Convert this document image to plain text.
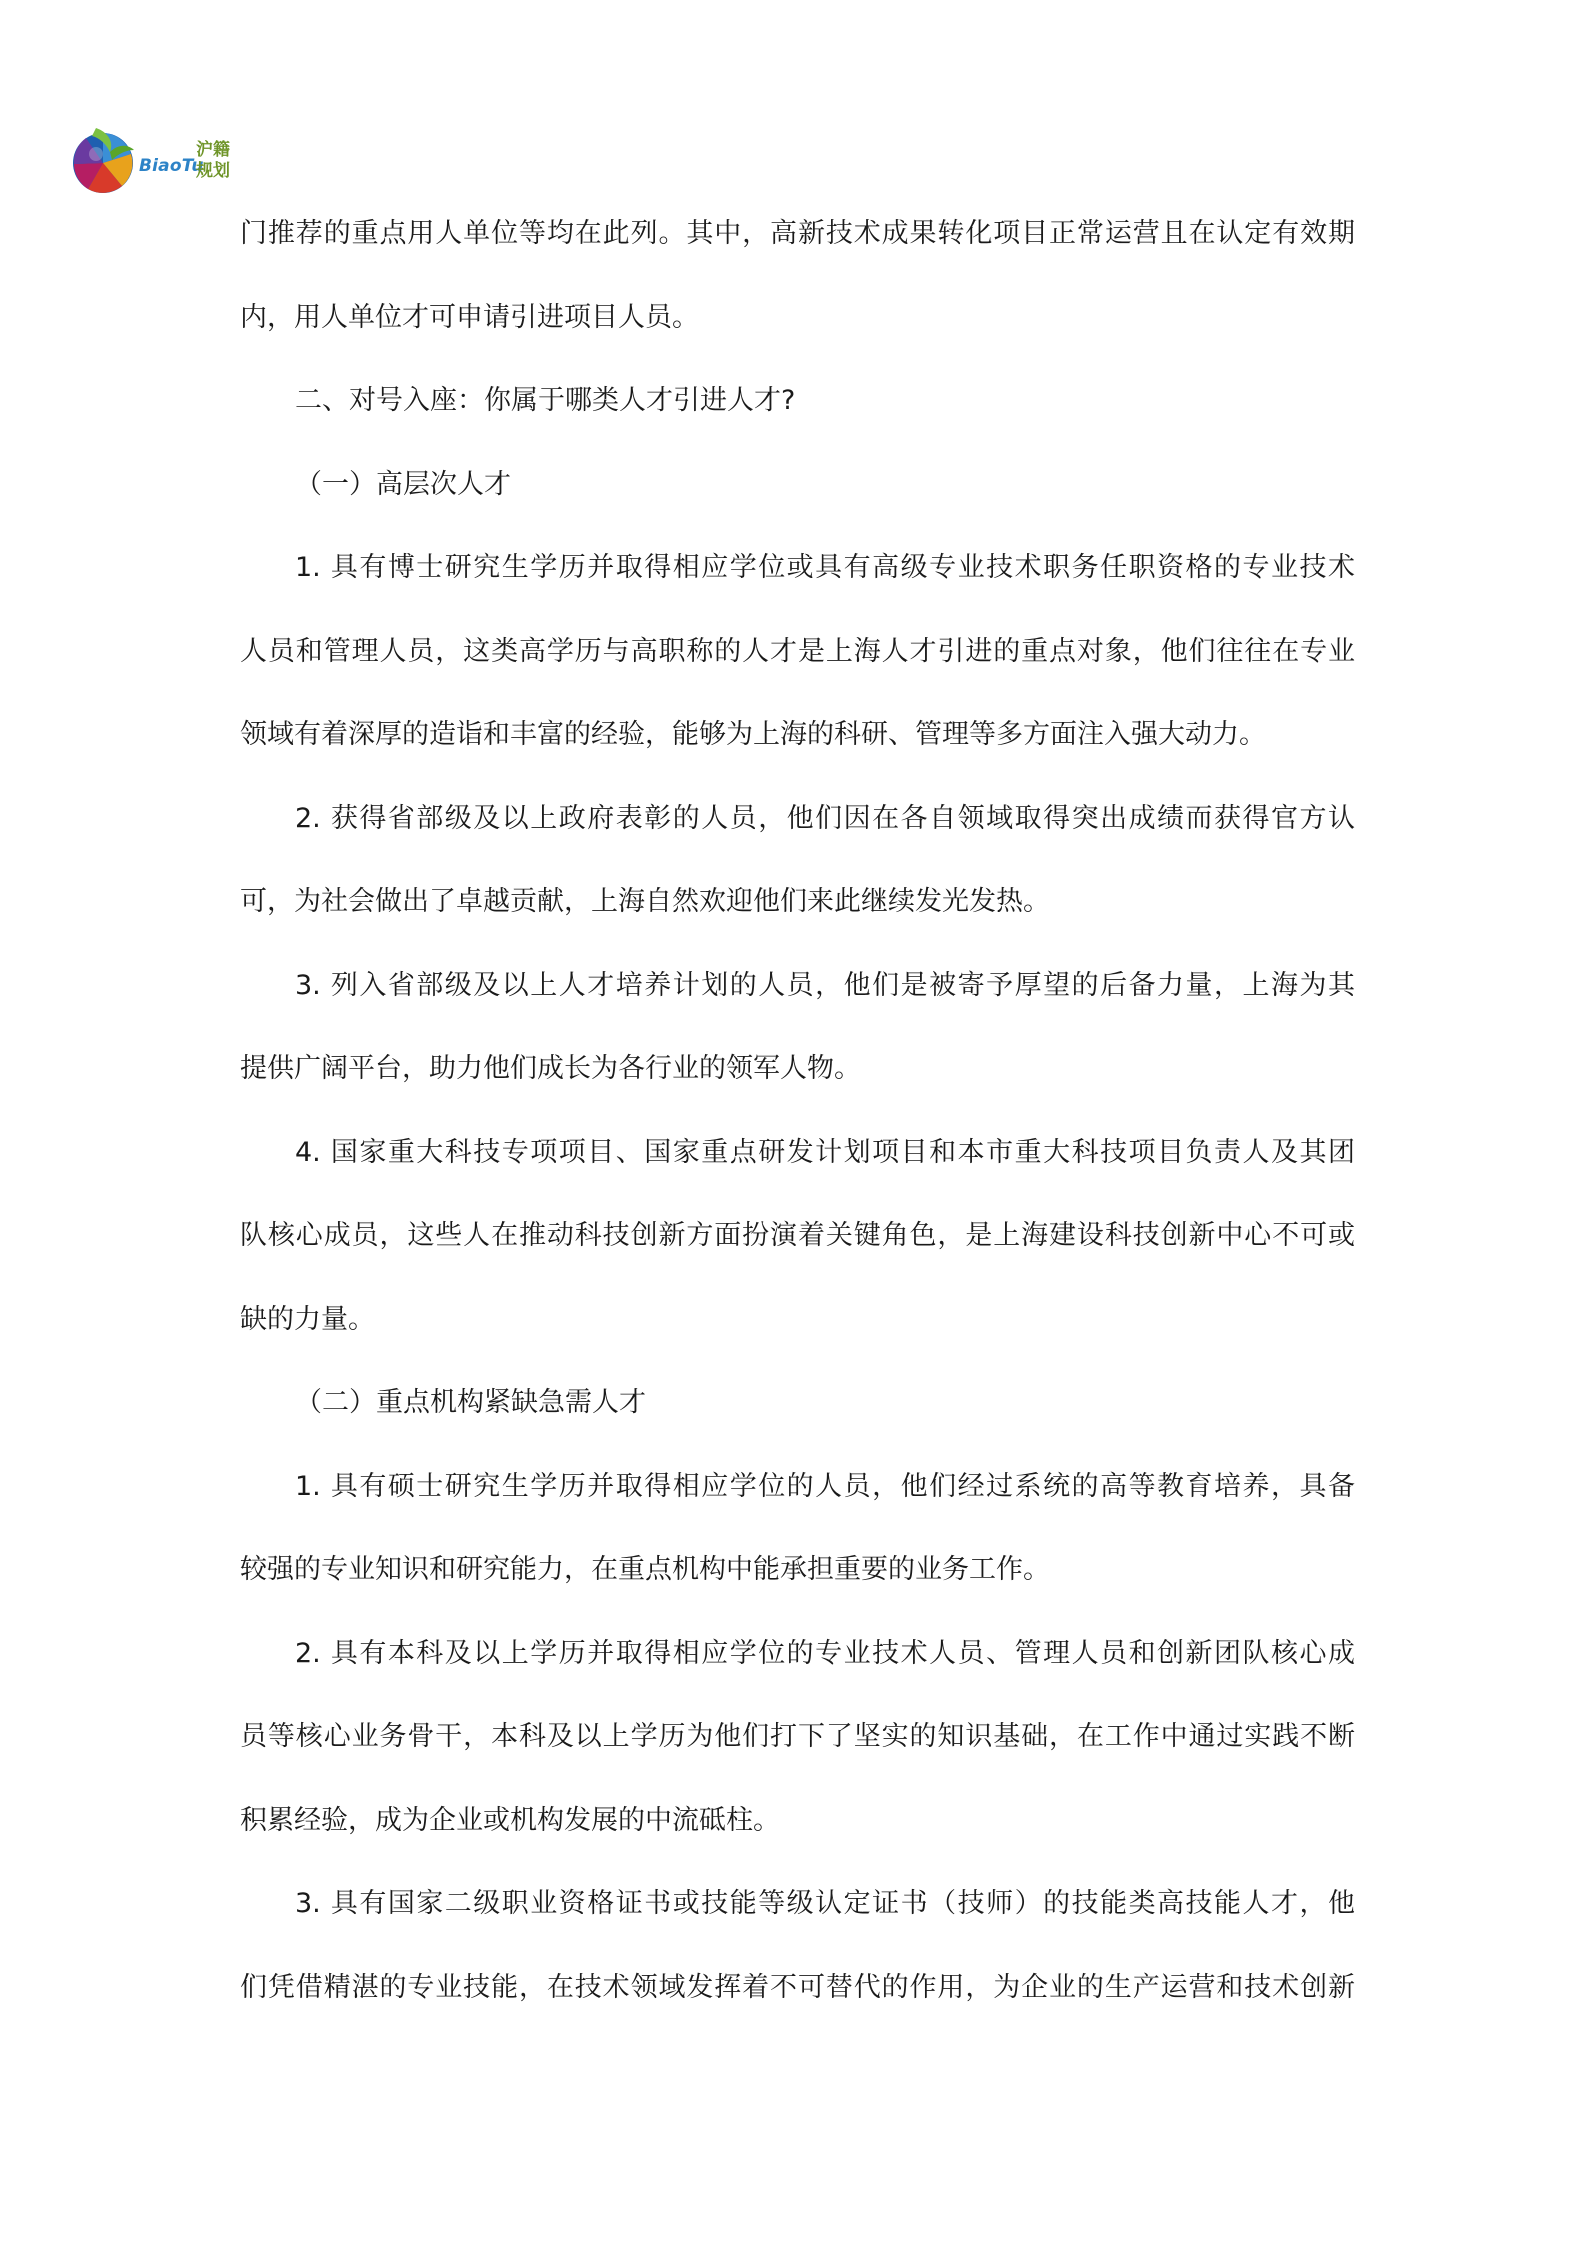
BiaoTu
沪籍
规划
门推荐的重点用人单位等均在此列。其中，高新技术成果转化项目正常运营且在认定有效期
内，用人单位才可申请引进项目人员。
二、对号入座：你属于哪类人才引进人才?
（一）高层次人才
1. 具有博士研究生学历并取得相应学位或具有高级专业技术职务任职资格的专业技术
人员和管理人员，这类高学历与高职称的人才是上海人才引进的重点对象，他们往往在专业
领域有着深厚的造诣和丰富的经验，能够为上海的科研、管理等多方面注入强大动力。
2. 获得省部级及以上政府表彰的人员，他们因在各自领域取得突出成绩而获得官方认
可，为社会做出了卓越贡献，上海自然欢迎他们来此继续发光发热。
3. 列入省部级及以上人才培养计划的人员，他们是被寄予厚望的后备力量，上海为其
提供广阔平台，助力他们成长为各行业的领军人物。
4. 国家重大科技专项项目、国家重点研发计划项目和本市重大科技项目负责人及其团
队核心成员，这些人在推动科技创新方面扮演着关键角色，是上海建设科技创新中心不可或
缺的力量。
（二）重点机构紧缺急需人才
1. 具有硕士研究生学历并取得相应学位的人员，他们经过系统的高等教育培养，具备
较强的专业知识和研究能力，在重点机构中能承担重要的业务工作。
2. 具有本科及以上学历并取得相应学位的专业技术人员、管理人员和创新团队核心成
员等核心业务骨干，本科及以上学历为他们打下了坚实的知识基础，在工作中通过实践不断
积累经验，成为企业或机构发展的中流砥柱。
3. 具有国家二级职业资格证书或技能等级认定证书（技师）的技能类高技能人才，他
们凭借精湛的专业技能，在技术领域发挥着不可替代的作用，为企业的生产运营和技术创新
